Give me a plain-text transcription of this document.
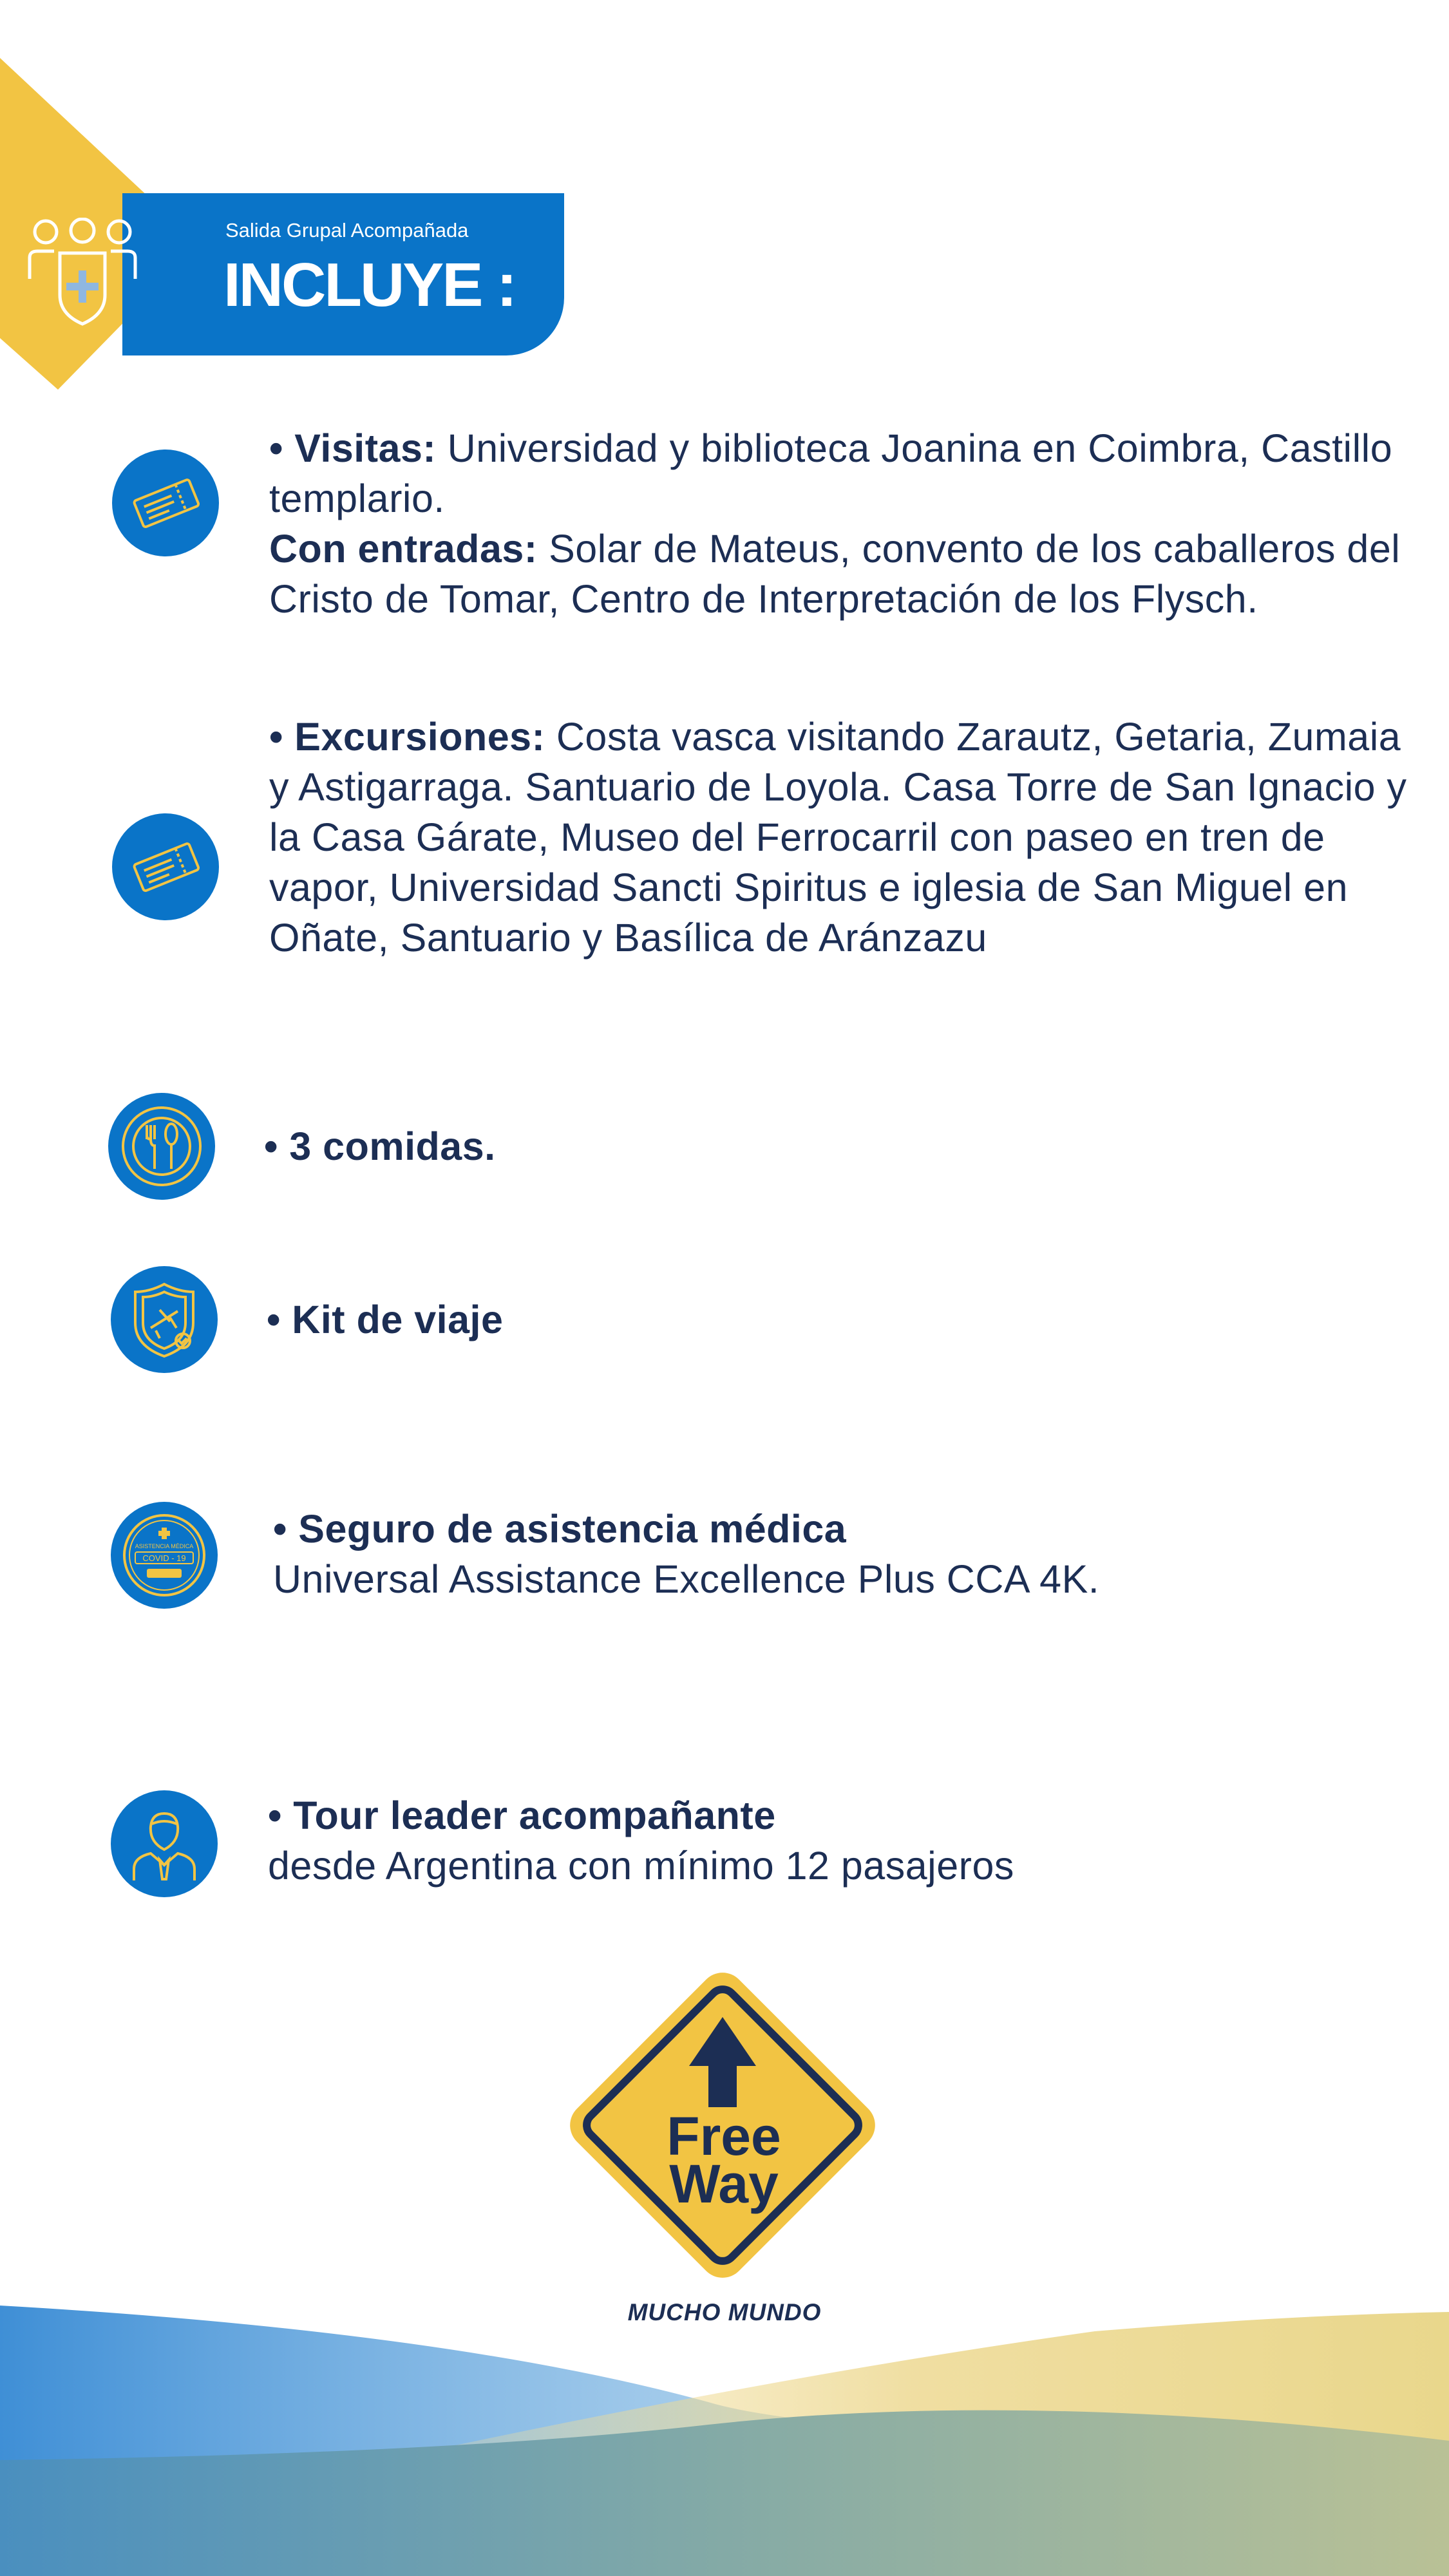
Salida Grupal Acompañada
INCLUYE :
• Visitas: Universidad y biblioteca Joanina en Coimbra, Castillo templario.
Con entradas: Solar de Mateus, convento de los caballeros del Cristo de Tomar, Centro de Interpretación de los Flysch.
• Excursiones: Costa vasca visitando Zarautz, Getaria, Zumaia y Astigarraga. Santuario de Loyola. Casa Torre de San Ignacio y la Casa Gárate, Museo del Ferrocarril con paseo en tren de vapor, Universidad Sancti Spiritus e iglesia de San Miguel en Oñate, Santuario y Basílica de Aránzazu
• 3 comidas.
• Kit de viaje
ASISTENCIA MÉDICA
COVID - 19
• Seguro de asistencia médica
Universal Assistance Excellence Plus CCA 4K.
• Tour leader acompañante
desde Argentina con mínimo 12 pasajeros
Free
Way
MUCHO MUNDO
